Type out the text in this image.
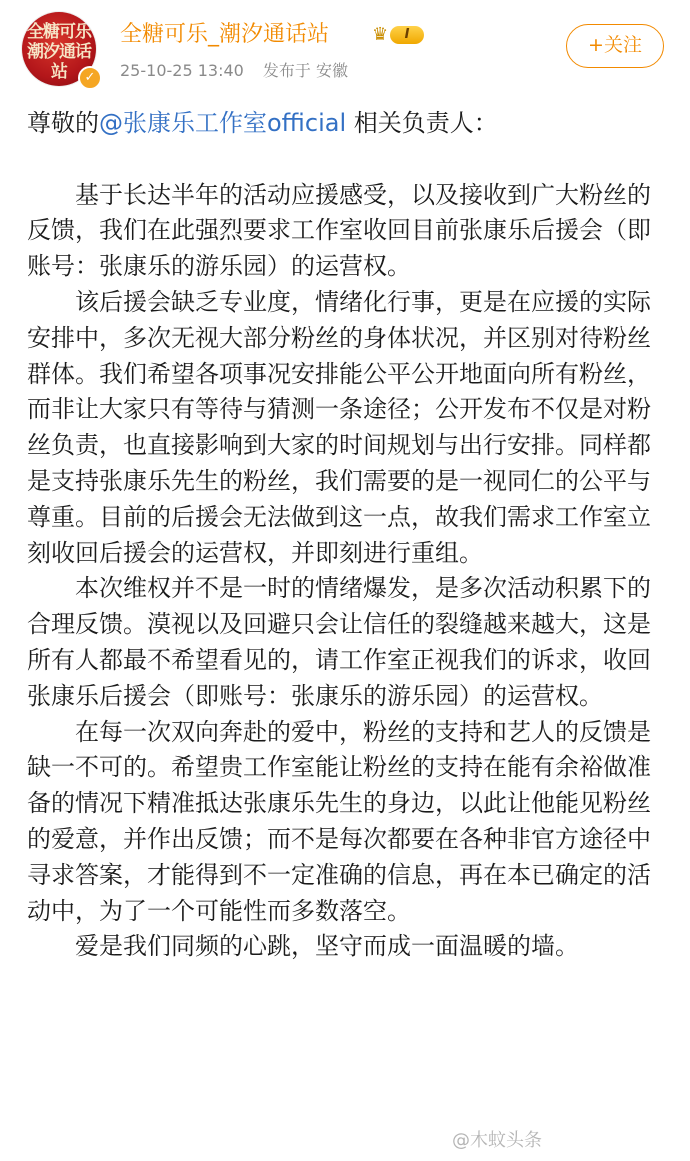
全糖可乐 潮汐通话站	✓
全糖可乐_潮汐通话站 ♛	I
25-10-25 13:40 发布于 安徽
+关注

尊敬的@张康乐工作室official 相关负责人：

基于长达半年的活动应援感受，以及接收到广大粉丝的反馈，我们在此强烈要求工作室收回目前张康乐后援会（即账号：张康乐的游乐园）的运营权。

该后援会缺乏专业度，情绪化行事，更是在应援的实际安排中，多次无视大部分粉丝的身体状况，并区别对待粉丝群体。我们希望各项事况安排能公平公开地面向所有粉丝，而非让大家只有等待与猜测一条途径；公开发布不仅是对粉丝负责，也直接影响到大家的时间规划与出行安排。同样都是支持张康乐先生的粉丝，我们需要的是一视同仁的公平与尊重。目前的后援会无法做到这一点，故我们需求工作室立刻收回后援会的运营权，并即刻进行重组。

本次维权并不是一时的情绪爆发，是多次活动积累下的合理反馈。漠视以及回避只会让信任的裂缝越来越大，这是所有人都最不希望看见的，请工作室正视我们的诉求，收回张康乐后援会（即账号：张康乐的游乐园）的运营权。

在每一次双向奔赴的爱中，粉丝的支持和艺人的反馈是缺一不可的。希望贵工作室能让粉丝的支持在能有余裕做准备的情况下精准抵达张康乐先生的身边，以此让他能见粉丝的爱意，并作出反馈；而不是每次都要在各种非官方途径中寻求答案，才能得到不一定准确的信息，再在本已确定的活动中，为了一个可能性而多数落空。

爱是我们同频的心跳，坚守而成一面温暖的墙。

@木蚊头条
